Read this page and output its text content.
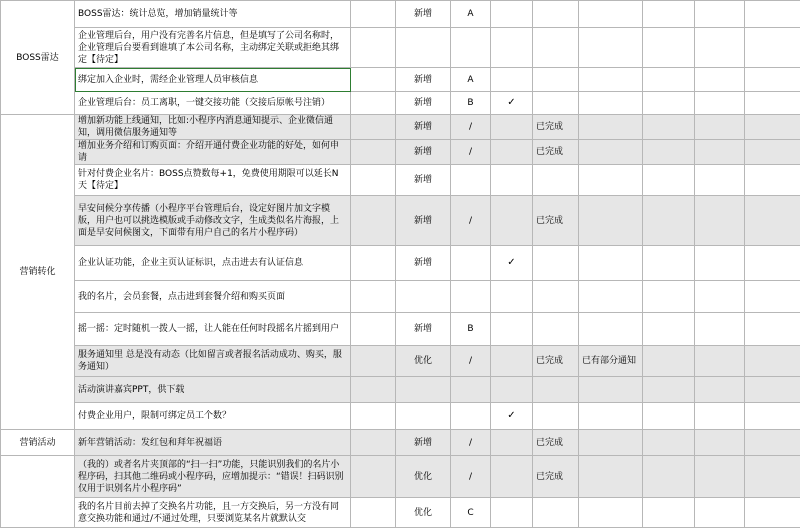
BOSS雷达	BOSS雷达：统计总览，增加销量统计等		新增	A						
	企业管理后台，用户没有完善名片信息，但是填写了公司名称时，企业管理后台要看到谁填了本公司名称，主动绑定关联或拒绝其绑定【待定】									
	绑定加入企业时，需经企业管理人员审核信息		新增	A						
	企业管理后台：员工离职，一键交接功能（交接后原帐号注销）		新增	B	✓					
营销转化	增加新功能上线通知，比如:小程序内消息通知提示、企业微信通知，调用微信服务通知等		新增	/		已完成				
	增加业务介绍和订购页面：介绍开通付费企业功能的好处，如何申请		新增	/		已完成				
	针对付费企业名片：BOSS点赞数每+1，免费使用期限可以延长N天【待定】		新增							
	早安问候分享传播（小程序平台管理后台，设定好图片加文字模版，用户也可以挑选模版或手动修改文字，生成类似名片海报，上面是早安问候图文，下面带有用户自己的名片小程序码）		新增	/		已完成				
	企业认证功能，企业主页认证标识，点击进去有认证信息		新增		✓					
	我的名片，会员套餐，点击进到套餐介绍和购买页面									
	摇一摇：定时随机一拨人一摇，让人能在任何时段摇名片摇到用户		新增	B						
	服务通知里 总是没有动态（比如留言或者报名活动成功、购买，服务通知）		优化	/		已完成	已有部分通知			
	活动演讲嘉宾PPT，供下载									
	付费企业用户，限制可绑定员工个数？				✓					
营销活动	新年营销活动：发红包和拜年祝福语		新增	/		已完成				
	（我的）或者名片夹顶部的“扫一扫”功能，只能识别我们的名片小程序码，扫其他二维码或小程序码，应增加提示：“错误！扫码识别仅用于识别名片小程序码”		优化	/		已完成				
	我的名片目前去掉了交换名片功能，且一方交换后，另一方没有同意交换功能和通过/不通过处理，只要浏览某名片就默认交		优化	C						
